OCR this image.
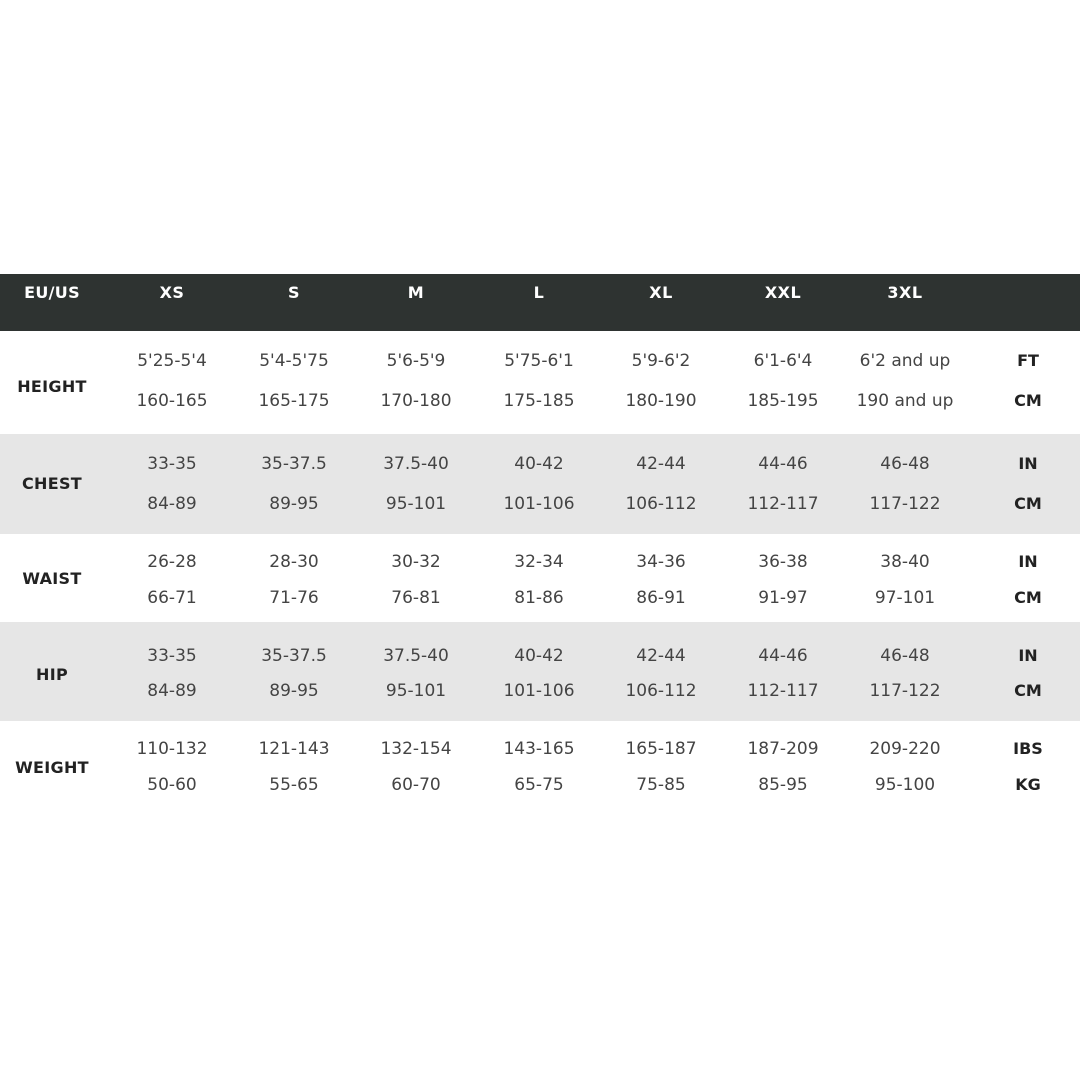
EU/US	XS	S	M	L	XL	XXL	3XL
HEIGHT
5'25-5'4	5'4-5'75	5'6-5'9	5'75-6'1	5'9-6'2	6'1-6'4	6'2 and up	FT
160-165	165-175	170-180	175-185	180-190	185-195	190 and up	CM
CHEST
33-35	35-37.5	37.5-40	40-42	42-44	44-46	46-48	IN
84-89	89-95	95-101	101-106	106-112	112-117	117-122	CM
WAIST
26-28	28-30	30-32	32-34	34-36	36-38	38-40	IN
66-71	71-76	76-81	81-86	86-91	91-97	97-101	CM
HIP
33-35	35-37.5	37.5-40	40-42	42-44	44-46	46-48	IN
84-89	89-95	95-101	101-106	106-112	112-117	117-122	CM
WEIGHT
110-132	121-143	132-154	143-165	165-187	187-209	209-220	IBS
50-60	55-65	60-70	65-75	75-85	85-95	95-100	KG
